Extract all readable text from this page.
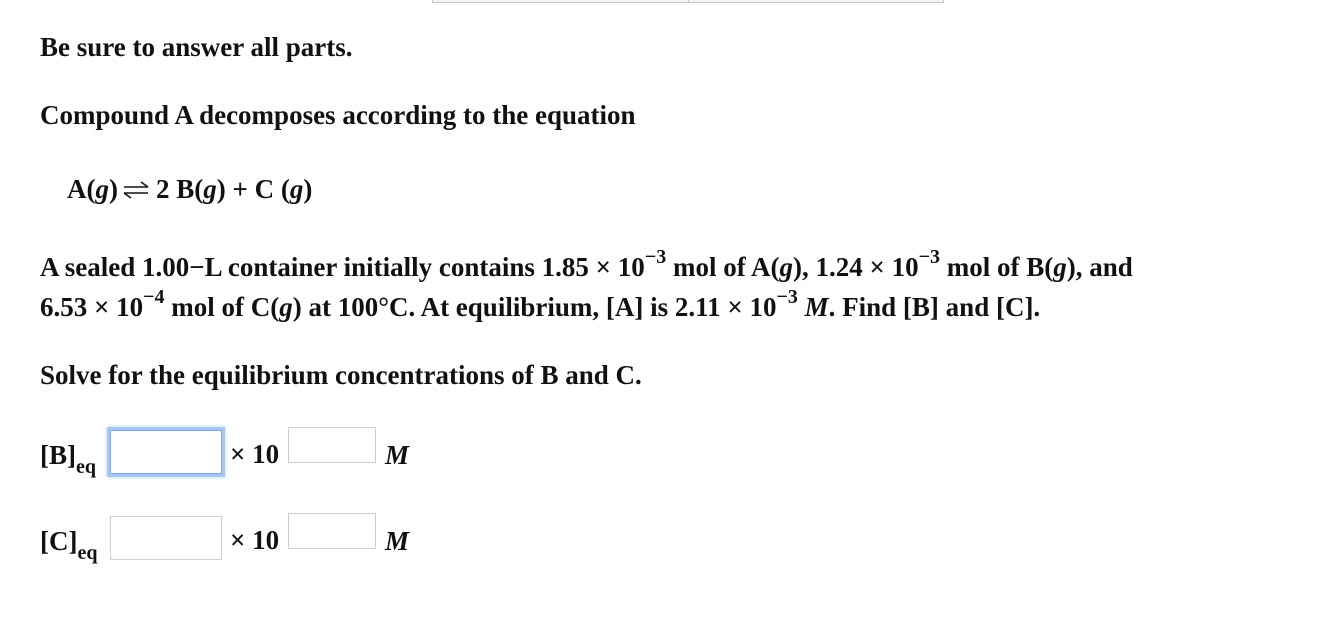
Be sure to answer all parts.
Compound A decomposes according to the equation
A(g) ⇌ 2 B(g) + C (g)
A sealed 1.00−L container initially contains $1.85 \times 10^{-3}$ mol of A(g), $1.24 \times 10^{-3}$ mol of B(g), and
$6.53 \times 10^{-4}$ mol of C(g) at 100°C. At equilibrium, [A] is $2.11 \times 10^{-3}$ M. Find [B] and [C].
Solve for the equilibrium concentrations of B and C.
$[B]_{eq}$	× 10	M
$[C]_{eq}$	× 10	M
